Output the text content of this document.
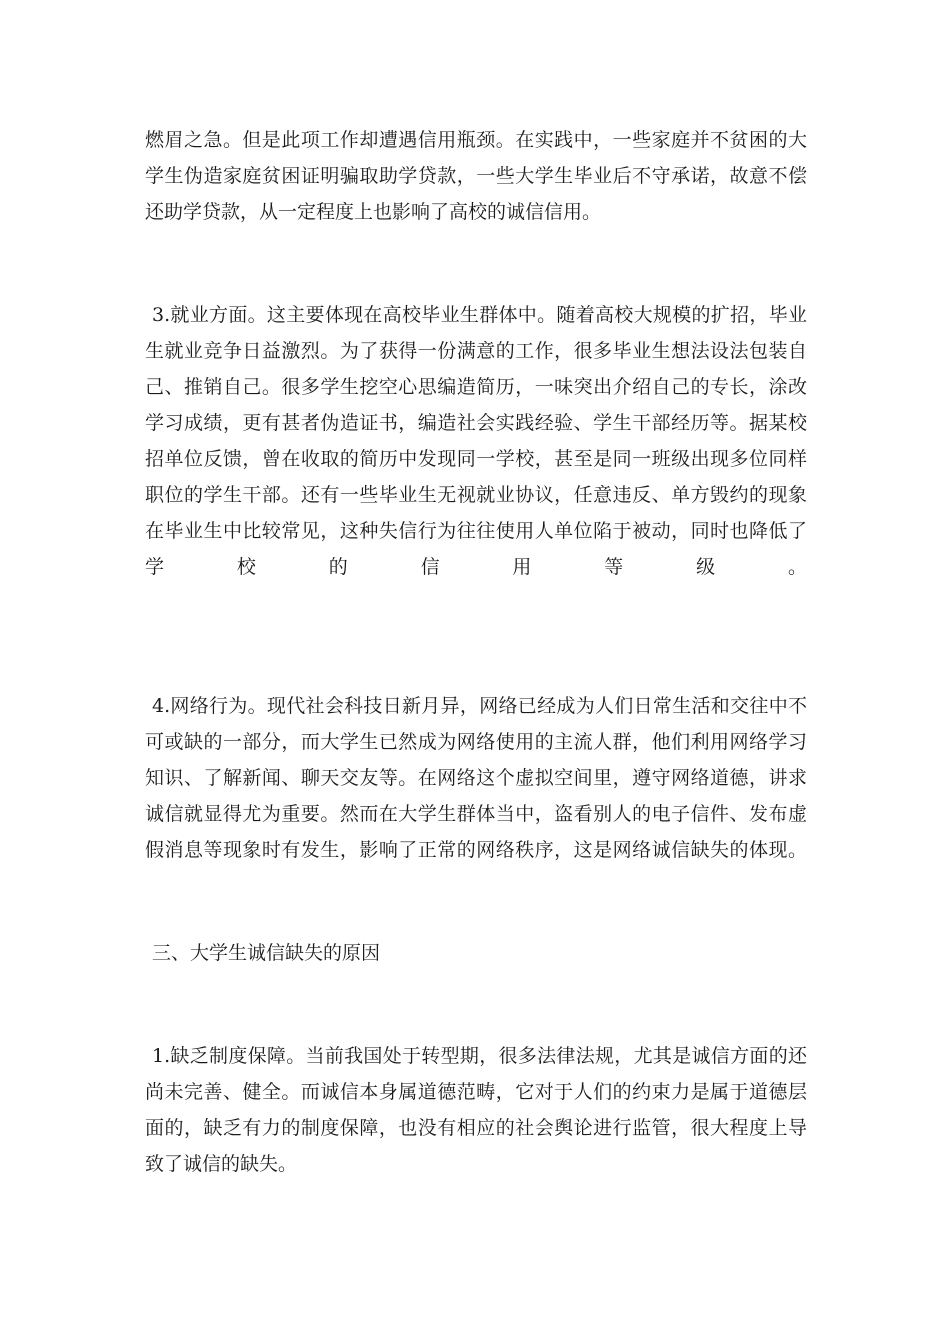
燃眉之急。但是此项工作却遭遇信用瓶颈。在实践中，一些家庭并不贫困的大
学生伪造家庭贫困证明骗取助学贷款，一些大学生毕业后不守承诺，故意不偿
还助学贷款，从一定程度上也影响了高校的诚信信用。
3.就业方面。这主要体现在高校毕业生群体中。随着高校大规模的扩招，毕业
生就业竞争日益激烈。为了获得一份满意的工作，很多毕业生想法设法包装自
己、推销自己。很多学生挖空心思编造简历，一味突出介绍自己的专长，涂改
学习成绩，更有甚者伪造证书，编造社会实践经验、学生干部经历等。据某校
招单位反馈，曾在收取的简历中发现同一学校，甚至是同一班级出现多位同样
职位的学生干部。还有一些毕业生无视就业协议，任意违反、单方毁约的现象
在毕业生中比较常见，这种失信行为往往使用人单位陷于被动，同时也降低了
学校的信用等级。
4.网络行为。现代社会科技日新月异，网络已经成为人们日常生活和交往中不
可或缺的一部分，而大学生已然成为网络使用的主流人群，他们利用网络学习
知识、了解新闻、聊天交友等。在网络这个虚拟空间里，遵守网络道德，讲求
诚信就显得尤为重要。然而在大学生群体当中，盗看别人的电子信件、发布虚
假消息等现象时有发生，影响了正常的网络秩序，这是网络诚信缺失的体现。
三、大学生诚信缺失的原因
1.缺乏制度保障。当前我国处于转型期，很多法律法规，尤其是诚信方面的还
尚未完善、健全。而诚信本身属道德范畴，它对于人们的约束力是属于道德层
面的，缺乏有力的制度保障，也没有相应的社会舆论进行监管，很大程度上导
致了诚信的缺失。
